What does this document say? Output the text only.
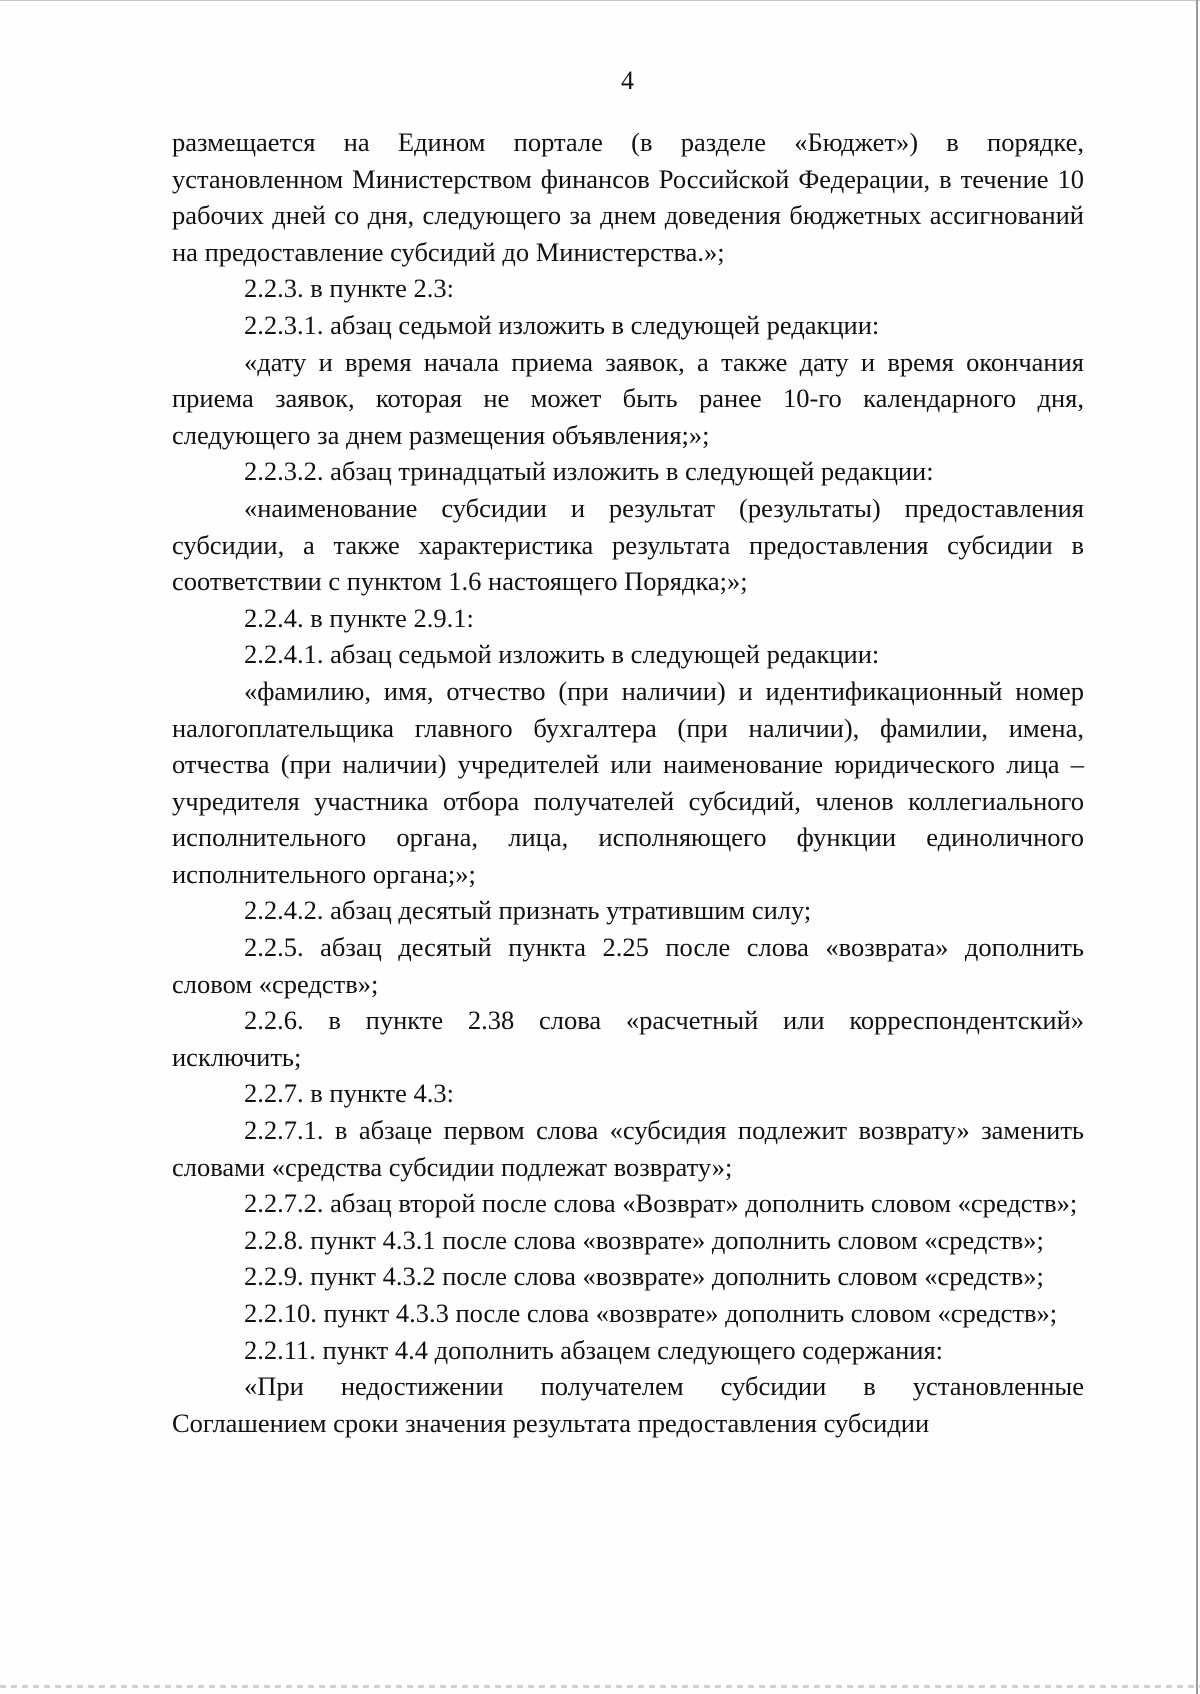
4

размещается на Едином портале (в разделе «Бюджет») в порядке, установленном Министерством финансов Российской Федерации, в течение 10 рабочих дней со дня, следующего за днем доведения бюджетных ассигнований на предоставление субсидий до Министерства.»;

2.2.3. в пункте 2.3:

2.2.3.1. абзац седьмой изложить в следующей редакции:

«дату и время начала приема заявок, а также дату и время окончания приема заявок, которая не может быть ранее 10-го календарного дня, следующего за днем размещения объявления;»;

2.2.3.2. абзац тринадцатый изложить в следующей редакции:

«наименование субсидии и результат (результаты) предоставления субсидии, а также характеристика результата предоставления субсидии в соответствии с пунктом 1.6 настоящего Порядка;»;

2.2.4. в пункте 2.9.1:

2.2.4.1. абзац седьмой изложить в следующей редакции:

«фамилию, имя, отчество (при наличии) и идентификационный номер налогоплательщика главного бухгалтера (при наличии), фамилии, имена, отчества (при наличии) учредителей или наименование юридического лица – учредителя участника отбора получателей субсидий, членов коллегиального исполнительного органа, лица, исполняющего функции единоличного исполнительного органа;»;

2.2.4.2. абзац десятый признать утратившим силу;

2.2.5. абзац десятый пункта 2.25 после слова «возврата» дополнить словом «средств»;

2.2.6. в пункте 2.38 слова «расчетный или корреспондентский» исключить;

2.2.7. в пункте 4.3:

2.2.7.1. в абзаце первом слова «субсидия подлежит возврату» заменить словами «средства субсидии подлежат возврату»;

2.2.7.2. абзац второй после слова «Возврат» дополнить словом «средств»;

2.2.8. пункт 4.3.1 после слова «возврате» дополнить словом «средств»;

2.2.9. пункт 4.3.2 после слова «возврате» дополнить словом «средств»;

2.2.10. пункт 4.3.3 после слова «возврате» дополнить словом «средств»;

2.2.11. пункт 4.4 дополнить абзацем следующего содержания:

«При недостижении получателем субсидии в установленные Соглашением сроки значения результата предоставления субсидии
